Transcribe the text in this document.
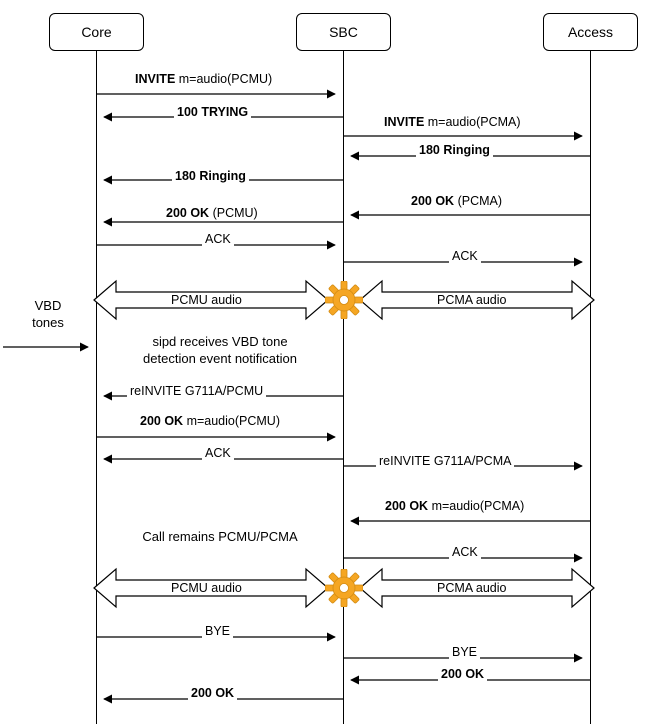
Core	SBC	Access
INVITE m=audio(PCMU)
100 TRYING
INVITE m=audio(PCMA)
180 Ringing
180 Ringing
200 OK (PCMA)
200 OK (PCMU)
ACK
ACK
PCMU audio	PCMA audio
VBD
tones
sipd receives VBD tone
detection event notification
reINVITE G711A/PCMU
200 OK m=audio(PCMU)
ACK
reINVITE G711A/PCMA
200 OK m=audio(PCMA)
Call remains PCMU/PCMA
ACK
PCMU audio	PCMA audio
BYE
BYE
200 OK
200 OK
